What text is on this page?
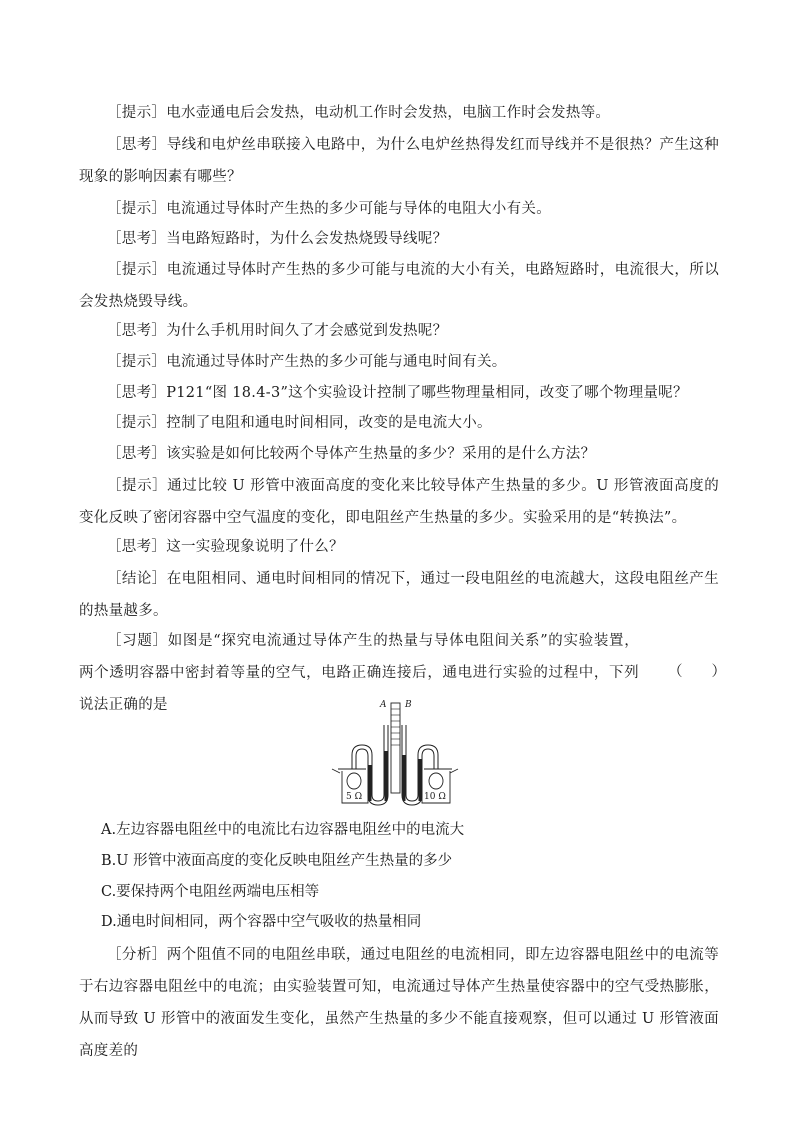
［提示］电水壶通电后会发热，电动机工作时会发热，电脑工作时会发热等。

［思考］导线和电炉丝串联接入电路中，为什么电炉丝热得发红而导线并不是很热？产生这种现象的影响因素有哪些？

［提示］电流通过导体时产生热的多少可能与导体的电阻大小有关。

［思考］当电路短路时，为什么会发热烧毁导线呢？

［提示］电流通过导体时产生热的多少可能与电流的大小有关，电路短路时，电流很大，所以会发热烧毁导线。

［思考］为什么手机用时间久了才会感觉到发热呢？

［提示］电流通过导体时产生热的多少可能与通电时间有关。

［思考］P121“图 18.4-3”这个实验设计控制了哪些物理量相同，改变了哪个物理量呢？

［提示］控制了电阻和通电时间相同，改变的是电流大小。

［思考］该实验是如何比较两个导体产生热量的多少？采用的是什么方法？

［提示］通过比较 U 形管中液面高度的变化来比较导体产生热量的多少。U 形管液面高度的变化反映了密闭容器中空气温度的变化，即电阻丝产生热量的多少。实验采用的是“转换法”。

［思考］这一实验现象说明了什么？

［结论］在电阻相同、通电时间相同的情况下，通过一段电阻丝的电流越大，这段电阻丝产生的热量越多。

［习题］如图是“探究电流通过导体产生的热量与导体电阻间关系”的实验装置，两个透明容器中密封着等量的空气，电路正确连接后，通电进行实验的过程中，下列说法正确的是

（　　）
A B
5 Ω	10 Ω

A.左边容器电阻丝中的电流比右边容器电阻丝中的电流大

B.U 形管中液面高度的变化反映电阻丝产生热量的多少

C.要保持两个电阻丝两端电压相等

D.通电时间相同，两个容器中空气吸收的热量相同

［分析］两个阻值不同的电阻丝串联，通过电阻丝的电流相同，即左边容器电阻丝中的电流等于右边容器电阻丝中的电流；由实验装置可知，电流通过导体产生热量使容器中的空气受热膨胀，从而导致 U 形管中的液面发生变化，虽然产生热量的多少不能直接观察，但可以通过 U 形管液面高度差的
